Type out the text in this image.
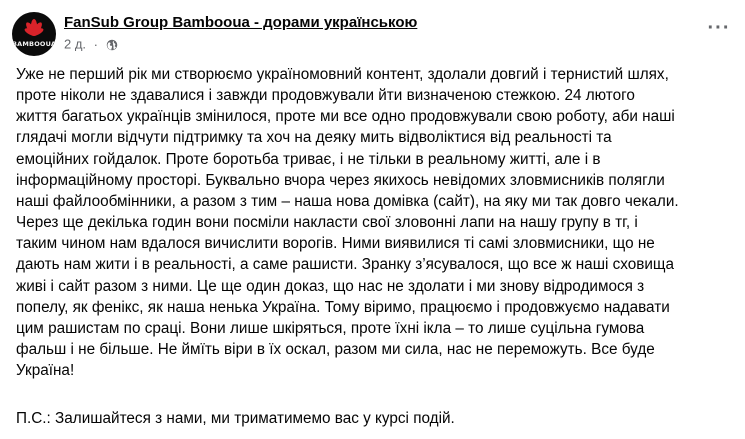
BAMBOOUA
FanSub Group Bambooua - дорами українською
2 д. ·
···
Уже не перший рік ми створюємо україномовний контент, здолали довгий і тернистий шлях,
проте ніколи не здавалися і завжди продовжували йти визначеною стежкою. 24 лютого
життя багатьох українців змінилося, проте ми все одно продовжували свою роботу, аби наші
глядачі могли відчути підтримку та хоч на деяку мить відволіктися від реальності та
емоційних гойдалок. Проте боротьба триває, і не тільки в реальному житті, але і в
інформаційному просторі. Буквально вчора через якихось невідомих зловмисників полягли
наші файлообмінники, а разом з тим – наша нова домівка (сайт), на яку ми так довго чекали.
Через ще декілька годин вони посміли накласти свої зловонні лапи на нашу групу в тг, і
таким чином нам вдалося вичислити ворогів. Ними виявилися ті самі зловмисники, що не
дають нам жити і в реальності, а саме рашисти. Зранку з’ясувалося, що все ж наші сховища
живі і сайт разом з ними. Це ще один доказ, що нас не здолати і ми знову відродимося з
попелу, як фенікс, як наша ненька Україна. Тому віримо, працюємо і продовжуємо надавати
цим рашистам по сраці. Вони лише шкіряться, проте їхні ікла – то лише суцільна гумова
фальш і не більше. Не ймїть віри в їх оскал, разом ми сила, нас не переможуть. Все буде
Україна!
П.С.: Залишайтеся з нами, ми триматимемо вас у курсі подій.
